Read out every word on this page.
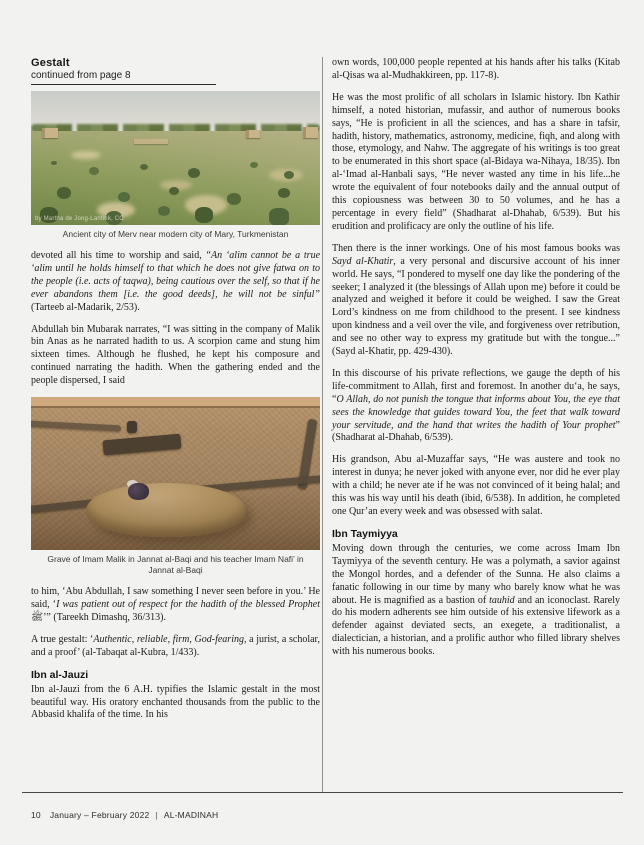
Gestalt
continued from page 8
by Martha de Jong-Lantink, CC
Ancient city of Merv near modern city of Mary, Turkmenistan
devoted all his time to worship and said, “An ‘alim cannot be a true ‘alim until he holds himself to that which he does not give fatwa on to the people (i.e. acts of taqwa), being cautious over the self, so that if he ever abandons them [i.e. the good deeds], he will not be sinful” (Tarteeb al-Madarik, 2/53).
Abdullah bin Mubarak narrates, “I was sitting in the company of Malik bin Anas as he narrated hadith to us. A scorpion came and stung him sixteen times. Although he flushed, he kept his composure and continued narrating the hadith. When the gathering ended and the people dispersed, I said
Grave of Imam Malik in Jannat al-Baqi and his teacher Imam Nafi’ in Jannat al-Baqi
to him, ‘Abu Abdullah, I saw something I never seen before in you.’ He said, ‘I was patient out of respect for the hadith of the blessed Prophet ﷺ’” (Tareekh Dimashq, 36/313).
A true gestalt: ‘Authentic, reliable, firm, God-fearing, a jurist, a scholar, and a proof’ (al-Tabaqat al-Kubra, 1/433).
Ibn al-Jauzi
Ibn al-Jauzi from the 6 A.H. typifies the Islamic gestalt in the most beautiful way. His oratory enchanted thousands from the public to the Abbasid khalifa of the time. In his
own words, 100,000 people repented at his hands after his talks (Kitab al-Qisas wa al-Mudhakkireen, pp. 117-8).
He was the most prolific of all scholars in Islamic history. Ibn Kathir himself, a noted historian, mufassir, and author of numerous books says, “He is proficient in all the sciences, and has a share in tafsir, hadith, history, mathematics, astronomy, medicine, fiqh, and along with those, etymology, and Nahw. The aggregate of his writings is too great to be enumerated in this short space (al-Bidaya wa-Nihaya, 18/35). Ibn al-‘Imad al-Hanbali says, “He never wasted any time in his life...he wrote the equivalent of four notebooks daily and the annual output of this copiousness was between 30 to 50 volumes, and he has a percentage in every field” (Shadharat al-Dhahab, 6/539). But his erudition and prolificacy are only the outline of his life.
Then there is the inner workings. One of his most famous books was Sayd al-Khatir, a very personal and discursive account of his inner world. He says, “I pondered to myself one day like the pondering of the seeker; I analyzed it (the blessings of Allah upon me) before it could be analyzed and weighed it before it could be weighed. I saw the Great Lord’s kindness on me from childhood to the present. I see kindness upon kindness and a veil over the vile, and forgiveness over retribution, and see no other way to express my gratitude but with the tongue...” (Sayd al-Khatir, pp. 429-430).
In this discourse of his private reflections, we gauge the depth of his life-commitment to Allah, first and foremost. In another du‘a, he says, “O Allah, do not punish the tongue that informs about You, the eye that sees the knowledge that guides toward You, the feet that walk toward your servitude, and the hand that writes the hadith of Your prophet” (Shadharat al-Dhahab, 6/539).
His grandson, Abu al-Muzaffar says, “He was austere and took no interest in dunya; he never joked with anyone ever, nor did he ever play with a child; he never ate if he was not convinced of it being halal; and this was his way until his death (ibid, 6/538). In addition, he completed one Qur’an every week and was obsessed with salat.
Ibn Taymiyya
Moving down through the centuries, we come across Imam Ibn Taymiyya of the seventh century. He was a polymath, a savior against the Mongol hordes, and a defender of the Sunna. He also claims a fanatic following in our time by many who barely know what he was about. He is magnified as a bastion of tauhid and an iconoclast. Rarely do his modern adherents see him outside of his extensive lifework as a defender against deviated sects, an exegete, a traditionalist, a dialectician, a historian, and a prolific author who filled library shelves with his numerous books.
10 January – February 2022 | AL-MADINAH
